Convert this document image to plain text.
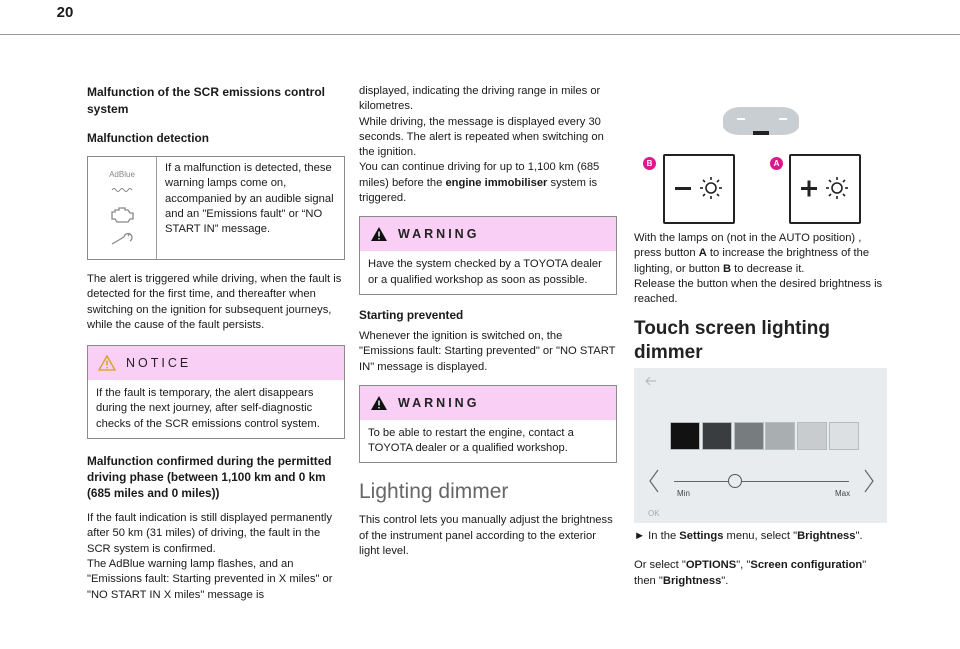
20

Malfunction of the SCR emissions control system

Malfunction detection

AdBlue

If a malfunction is detected, these warning lamps come on, accompanied by an audible signal and an "Emissions fault" or “NO START IN” message.

The alert is triggered while driving, when the fault is detected for the first time, and thereafter when switching on the ignition for subsequent journeys, while the cause of the fault persists.

NOTICE

If the fault is temporary, the alert disappears during the next journey, after self-diagnostic checks of the SCR emissions control system.

Malfunction confirmed during the permitted driving phase (between 1,100 km and 0 km (685 miles and 0 miles))

If the fault indication is still displayed permanently after 50 km (31 miles) of driving, the fault in the SCR system is confirmed.

The AdBlue warning lamp flashes, and an "Emissions fault: Starting prevented in X miles" or "NO START IN X miles" message is

displayed, indicating the driving range in miles or kilometres.

While driving, the message is displayed every 30 seconds. The alert is repeated when switching on the ignition.

You can continue driving for up to 1,100 km (685 miles) before the engine immobiliser system is triggered.

WARNING

Have the system checked by a TOYOTA dealer or a qualified workshop as soon as possible.

Starting prevented

Whenever the ignition is switched on, the "Emissions fault: Starting prevented" or "NO START IN" message is displayed.

WARNING

To be able to restart the engine, contact a TOYOTA dealer or a qualified workshop.

Lighting dimmer

This control lets you manually adjust the brightness of the instrument panel according to the exterior light level.

B	A

With the lamps on (not in the AUTO position) , press button A to increase the brightness of the lighting, or button B to decrease it.

Release the button when the desired brightness is reached.

Touch screen lighting dimmer

Min	Max
OK

► In the Settings menu, select "Brightness".

Or select "OPTIONS", "Screen configuration" then "Brightness".
